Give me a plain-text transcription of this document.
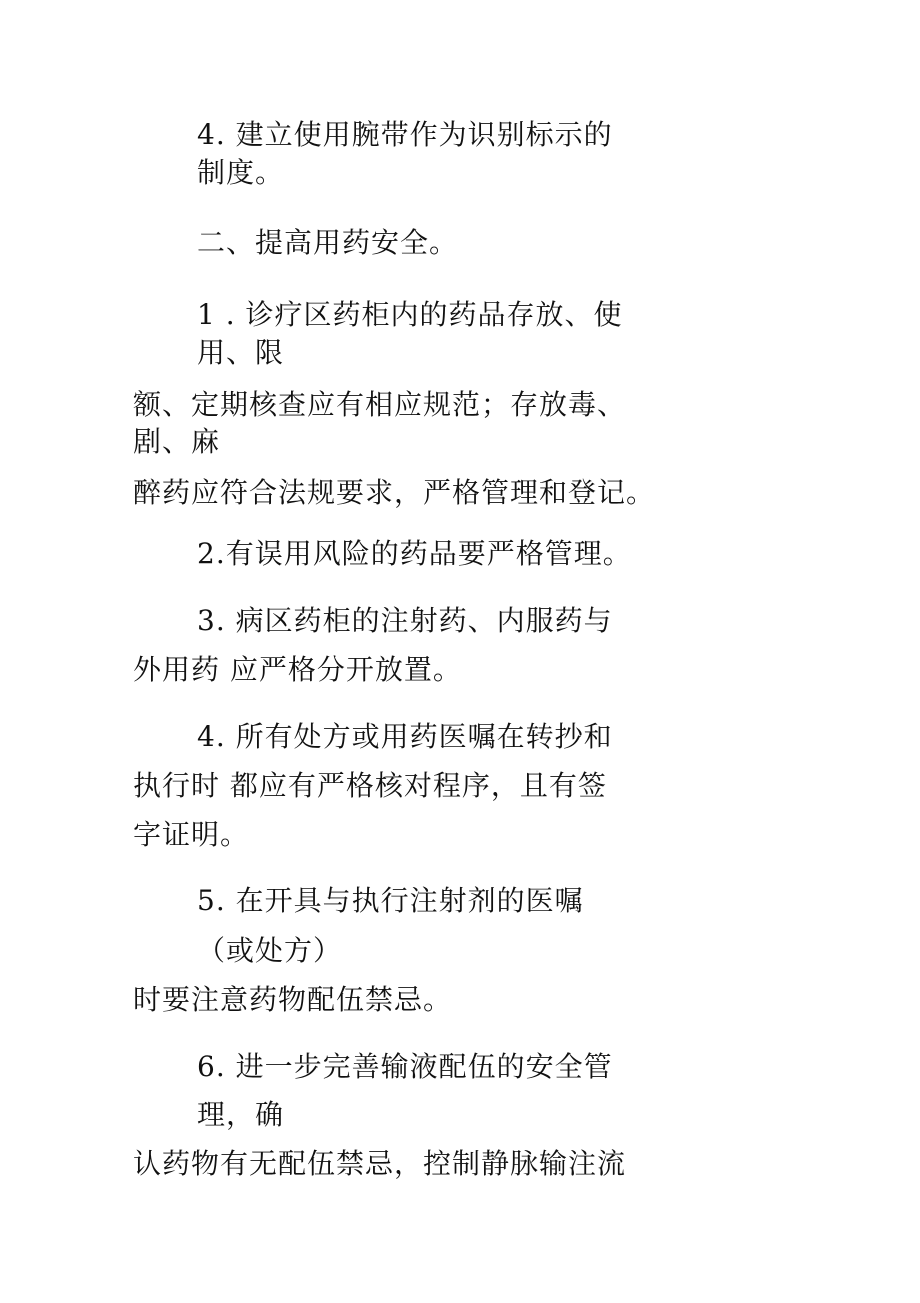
4. 建立使用腕带作为识别标示的
制度。
二、提高用药安全。
1 . 诊疗区药柜内的药品存放、使
用、限
额、定期核查应有相应规范；存放毒、
剧、麻
醉药应符合法规要求，严格管理和登记。
2.有误用风险的药品要严格管理。
3. 病区药柜的注射药、内服药与
外用药 应严格分开放置。
4. 所有处方或用药医嘱在转抄和
执行时 都应有严格核对程序，且有签
字证明。
5. 在开具与执行注射剂的医嘱
（或处方）
时要注意药物配伍禁忌。
6. 进一步完善输液配伍的安全管
理，确
认药物有无配伍禁忌，控制静脉输注流
